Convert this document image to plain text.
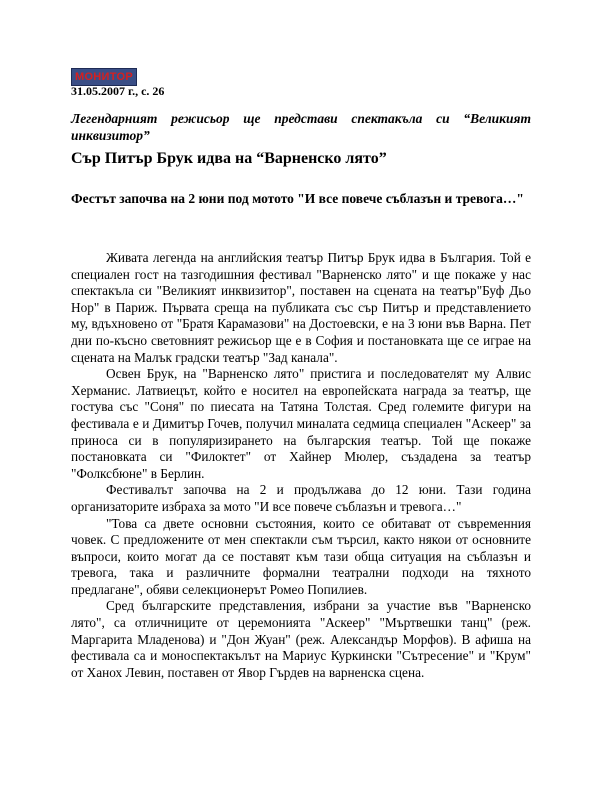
МОНИТОР
31.05.2007 г., с. 26
Легендарният режисьор ще представи спектакъла си “Великият инквизитор”
Сър Питър Брук идва на “Варненско лято”
Фестът започва на 2 юни под мотото "И все повече съблазън и тревога…"

Живата легенда на английския театър Питър Брук идва в България. Той е специален гост на тазгодишния фестивал "Варненско лято" и ще покаже у нас спектакъла си "Великият инквизитор", поставен на сцената на театър"Буф Дьо Нор" в Париж. Първата среща на публиката със сър Питър и представлението му, вдъхновено от "Братя Карамазови" на Достоевски, е на 3 юни във Варна. Пет дни по-късно световният режисьор ще е в София и постановката ще се играе на сцената на Малък градски театър "Зад канала".

Освен Брук, на "Варненско лято" пристига и последователят му Алвис Херманис. Латвиецът, който е носител на европейската награда за театър, ще гостува със "Соня" по пиесата на Татяна Толстая. Сред големите фигури на фестивала е и Димитър Гочев, получил миналата седмица специален "Аскеер" за приноса си в популяризирането на българския театър. Той ще покаже постановката си "Филоктет" от Хайнер Мюлер, създадена за театър "Фолксбюне" в Берлин.

Фестивалът започва на 2 и продължава до 12 юни. Тази година организаторите избраха за мото "И все повече съблазън и тревога…"

"Това са двете основни състояния, които се обитават от съвременния човек. С предложените от мен спектакли съм търсил, както някои от основните въпроси, които могат да се поставят към тази обща ситуация на съблазън и тревога, така и различните формални театрални подходи на тяхното предлагане", обяви селекционерът Ромео Попилиев.

Сред българските представления, избрани за участие във "Варненско лято", са отличниците от церемонията "Аскеер" "Мъртвешки танц" (реж. Маргарита Младенова) и "Дон Жуан" (реж. Александър Морфов). В афиша на фестивала са и моноспектакълът на Мариус Куркински "Сътресение" и "Крум" от Ханох Левин, поставен от Явор Гърдев на варненска сцена.
